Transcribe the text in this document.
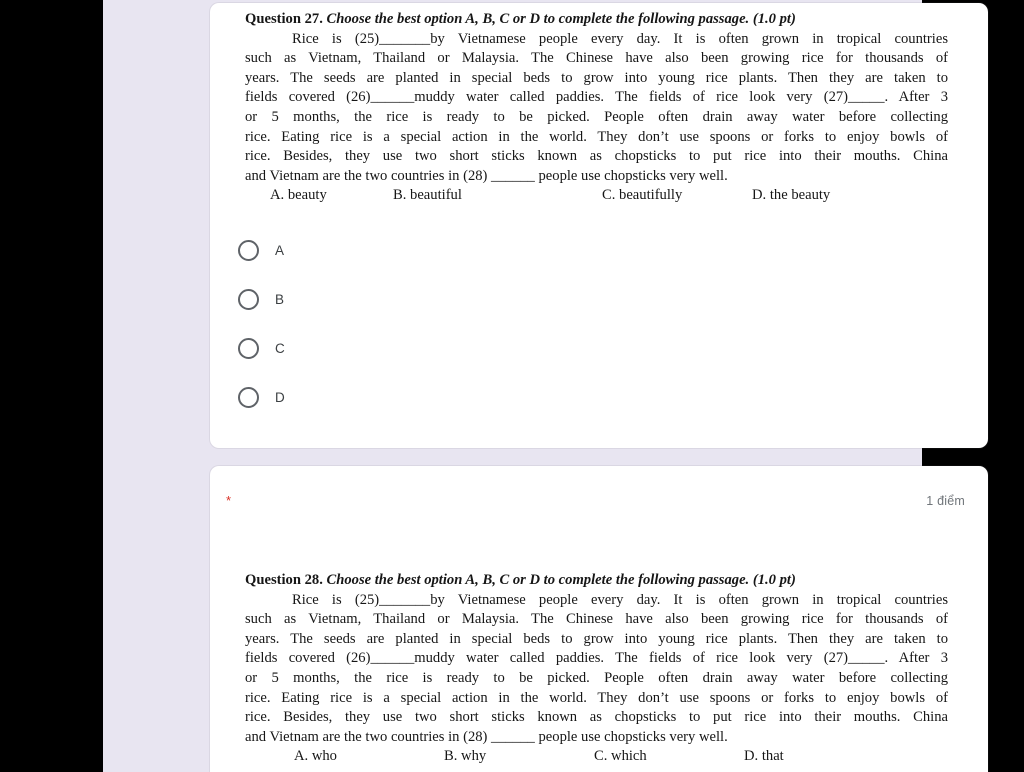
Question 27. Choose the best option A, B, C or D to complete the following passage. (1.0 pt)
Rice is (25)_______by Vietnamese people every day. It is often grown in tropical countries
such as Vietnam, Thailand or Malaysia. The Chinese have also been growing rice for thousands of
years. The seeds are planted in special beds to grow into young rice plants. Then they are taken to
fields covered (26)______muddy water called paddies. The fields of rice look very (27)_____. After 3
or 5 months, the rice is ready to be picked. People often drain away water before collecting
rice. Eating rice is a special action in the world. They don’t use spoons or forks to enjoy bowls of
rice. Besides, they use two short sticks known as chopsticks to put rice into their mouths. China
and Vietnam are the two countries in (28) ______ people use chopsticks very well.
A. beauty	B. beautiful	C. beautifully	D. the beauty
A
B
C
D
*	1 điểm
Question 28. Choose the best option A, B, C or D to complete the following passage. (1.0 pt)
Rice is (25)_______by Vietnamese people every day. It is often grown in tropical countries
such as Vietnam, Thailand or Malaysia. The Chinese have also been growing rice for thousands of
years. The seeds are planted in special beds to grow into young rice plants. Then they are taken to
fields covered (26)______muddy water called paddies. The fields of rice look very (27)_____. After 3
or 5 months, the rice is ready to be picked. People often drain away water before collecting
rice. Eating rice is a special action in the world. They don’t use spoons or forks to enjoy bowls of
rice. Besides, they use two short sticks known as chopsticks to put rice into their mouths. China
and Vietnam are the two countries in (28) ______ people use chopsticks very well.
A. who	B. why	C. which	D. that
